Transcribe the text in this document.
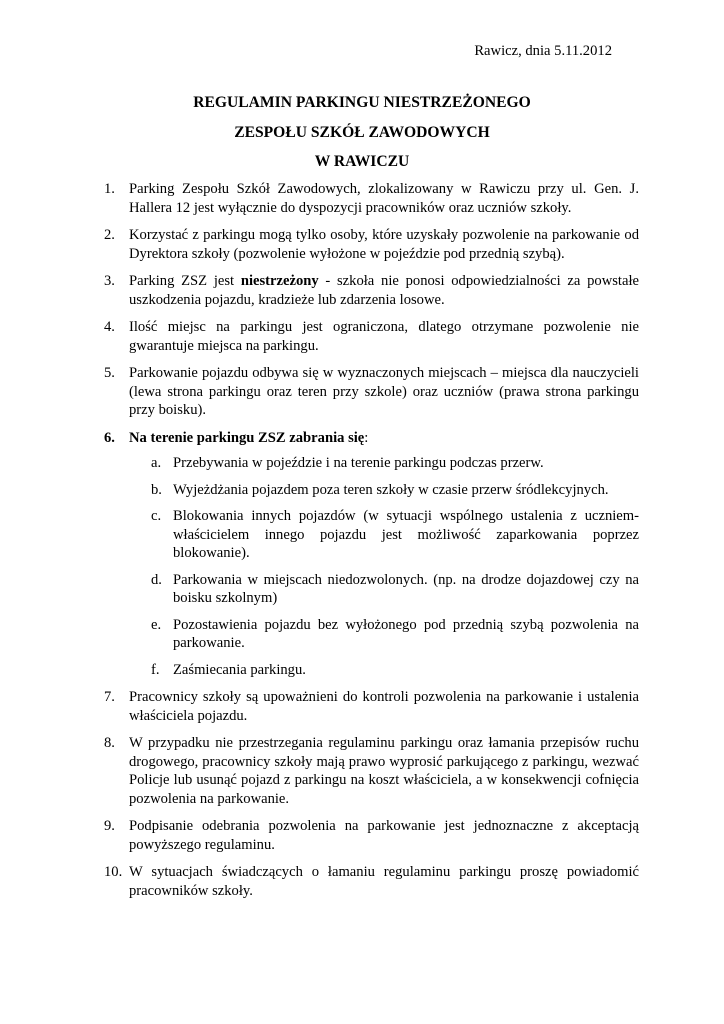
Rawicz, dnia 5.11.2012
REGULAMIN PARKINGU NIESTRZEŻONEGO
ZESPOŁU SZKÓŁ ZAWODOWYCH
W RAWICZU
1. Parking Zespołu Szkół Zawodowych, zlokalizowany w Rawiczu przy ul. Gen. J. Hallera 12 jest wyłącznie do dyspozycji pracowników oraz uczniów szkoły.
2. Korzystać z parkingu mogą tylko osoby, które uzyskały pozwolenie na parkowanie od Dyrektora szkoły (pozwolenie wyłożone w pojeździe pod przednią szybą).
3. Parking ZSZ jest niestrzeżony - szkoła nie ponosi odpowiedzialności za powstałe uszkodzenia pojazdu, kradzieże lub zdarzenia losowe.
4. Ilość miejsc na parkingu jest ograniczona, dlatego otrzymane pozwolenie nie gwarantuje miejsca na parkingu.
5. Parkowanie pojazdu odbywa się w wyznaczonych miejscach – miejsca dla nauczycieli (lewa strona parkingu oraz teren przy szkole) oraz uczniów (prawa strona parkingu przy boisku).
6. Na terenie parkingu ZSZ zabrania się:
a. Przebywania w pojeździe i na terenie parkingu podczas przerw.
b. Wyjeżdżania pojazdem poza teren szkoły w czasie przerw śródlekcyjnych.
c. Blokowania innych pojazdów (w sytuacji wspólnego ustalenia z uczniem-właścicielem innego pojazdu jest możliwość zaparkowania poprzez blokowanie).
d. Parkowania w miejscach niedozwolonych. (np. na drodze dojazdowej czy na boisku szkolnym)
e. Pozostawienia pojazdu bez wyłożonego pod przednią szybą pozwolenia na parkowanie.
f. Zaśmiecania parkingu.
7. Pracownicy szkoły są upoważnieni do kontroli pozwolenia na parkowanie i ustalenia właściciela pojazdu.
8. W przypadku nie przestrzegania regulaminu parkingu oraz łamania przepisów ruchu drogowego, pracownicy szkoły mają prawo wyprosić parkującego z parkingu, wezwać Policje lub usunąć pojazd z parkingu na koszt właściciela, a w konsekwencji cofnięcia pozwolenia na parkowanie.
9. Podpisanie odebrania pozwolenia na parkowanie jest jednoznaczne z akceptacją powyższego regulaminu.
10. W sytuacjach świadczących o łamaniu regulaminu parkingu proszę powiadomić pracowników szkoły.
